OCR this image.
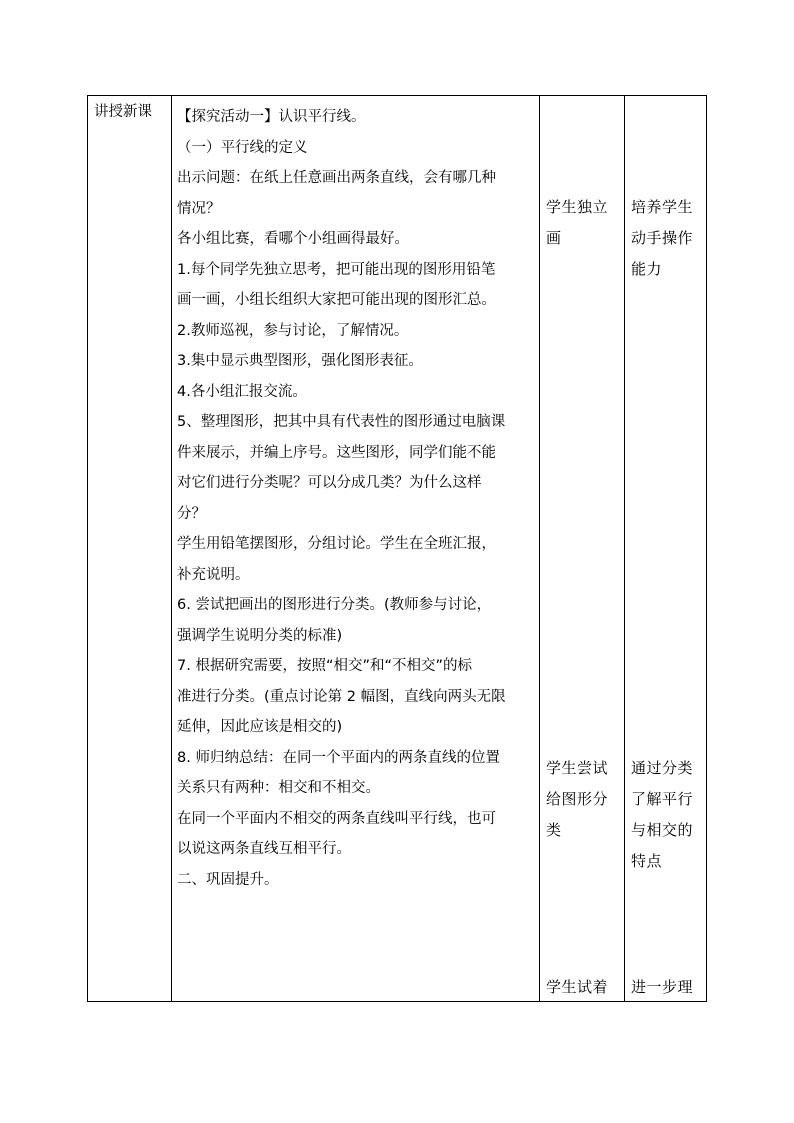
讲授新课	【探究活动一】认识平行线。
（一）平行线的定义
出示问题：在纸上任意画出两条直线，会有哪几种
情况？
各小组比赛，看哪个小组画得最好。
1.每个同学先独立思考，把可能出现的图形用铅笔
画一画，小组长组织大家把可能出现的图形汇总。
2.教师巡视，参与讨论，了解情况。
3.集中显示典型图形，强化图形表征。
4.各小组汇报交流。
5、整理图形，把其中具有代表性的图形通过电脑课
件来展示，并编上序号。这些图形，同学们能不能
对它们进行分类呢？可以分成几类？为什么这样
分？
学生用铅笔摆图形，分组讨论。学生在全班汇报，
补充说明。
6. 尝试把画出的图形进行分类。(教师参与讨论，
强调学生说明分类的标准)
7. 根据研究需要，按照“相交”和“不相交”的标
准进行分类。(重点讨论第 2 幅图，直线向两头无限
延伸，因此应该是相交的)
8. 师归纳总结：在同一个平面内的两条直线的位置
关系只有两种：相交和不相交。
在同一个平面内不相交的两条直线叫平行线，也可
以说这两条直线互相平行。
二、巩固提升。
学生独立
画
学生尝试
给图形分
类
学生试着
培养学生
动手操作
能力
通过分类
了解平行
与相交的
特点
进一步理
